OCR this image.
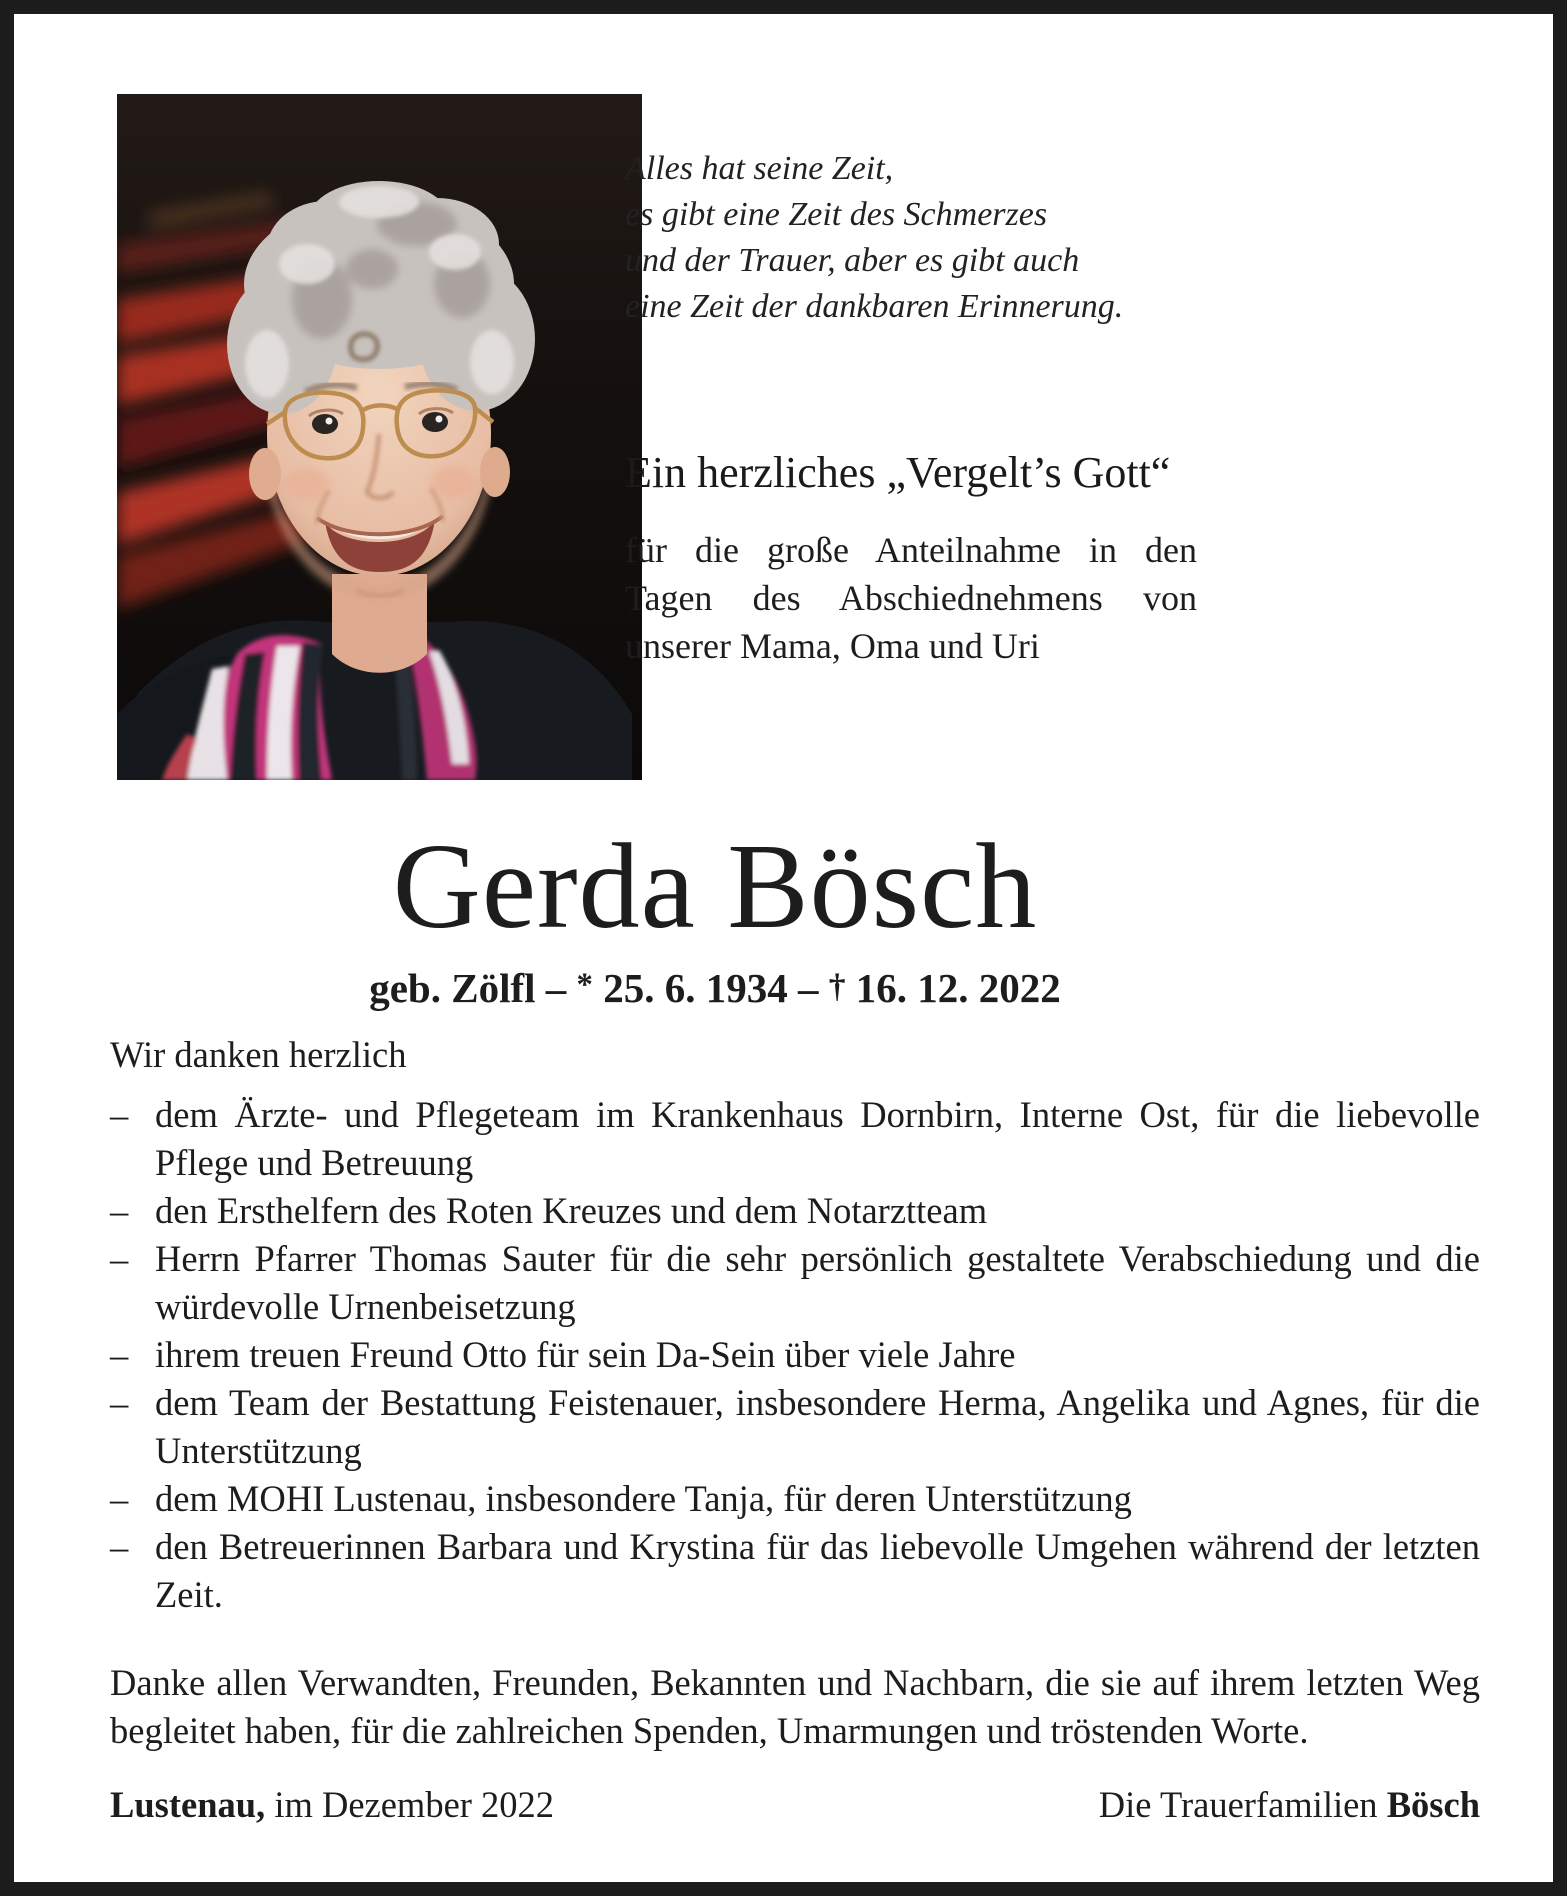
Alles hat seine Zeit,
es gibt eine Zeit des Schmerzes
und der Trauer, aber es gibt auch
eine Zeit der dankbaren Erinnerung.
Ein herzliches „Vergelt’s Gott“
für die große Anteilnahme in den Tagen des Abschiednehmens von unserer Mama, Oma und Uri
Gerda Bösch
geb. Zölfl – * 25. 6. 1934 – † 16. 12. 2022

Wir danken herzlich

– dem Ärzte- und Pflegeteam im Krankenhaus Dornbirn, Interne Ost, für die liebevolle Pflege und Betreuung
– den Ersthelfern des Roten Kreuzes und dem Notarztteam
– Herrn Pfarrer Thomas Sauter für die sehr persönlich gestaltete Verabschiedung und die würdevolle Urnenbeisetzung
– ihrem treuen Freund Otto für sein Da-Sein über viele Jahre
– dem Team der Bestattung Feistenauer, insbesondere Herma, Angelika und Agnes, für die Unterstützung
– dem MOHI Lustenau, insbesondere Tanja, für deren Unterstützung
– den Betreuerinnen Barbara und Krystina für das liebevolle Umgehen während der letzten Zeit.
Danke allen Verwandten, Freunden, Bekannten und Nachbarn, die sie auf ihrem letzten Weg begleitet haben, für die zahlreichen Spenden, Umarmungen und tröstenden Worte.
Lustenau, im Dezember 2022	Die Trauerfamilien Bösch
